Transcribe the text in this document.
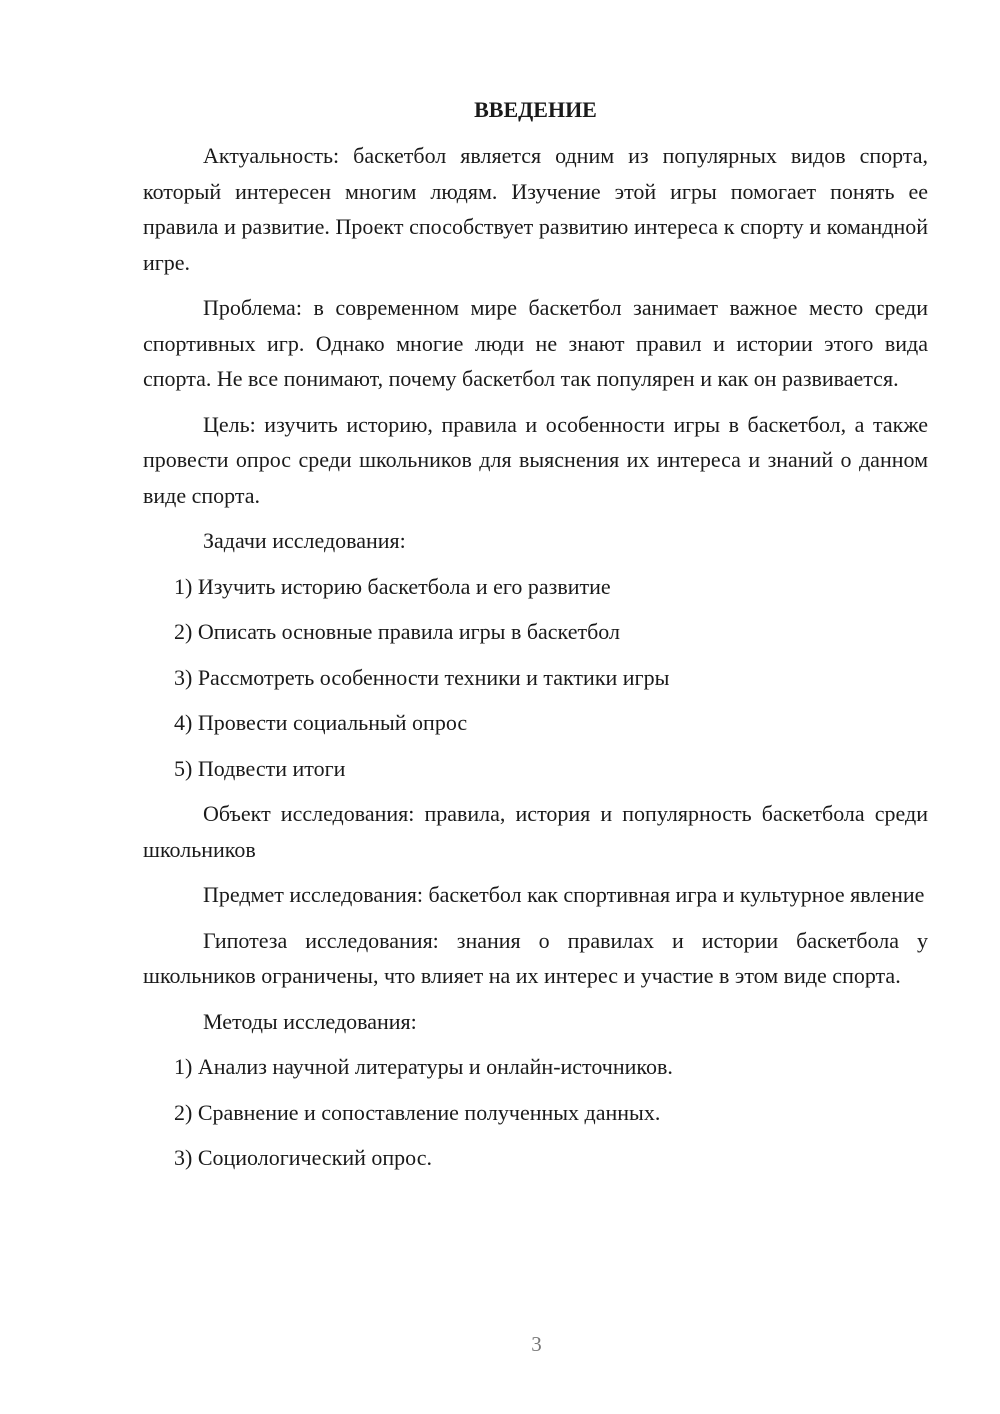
ВВЕДЕНИЕ

Актуальность: баскетбол является одним из популярных видов спорта, который интересен многим людям. Изучение этой игры помогает понять ее правила и развитие. Проект способствует развитию интереса к спорту и командной игре.

Проблема: в современном мире баскетбол занимает важное место среди спортивных игр. Однако многие люди не знают правил и истории этого вида спорта. Не все понимают, почему баскетбол так популярен и как он развивается.

Цель: изучить историю, правила и особенности игры в баскетбол, а также провести опрос среди школьников для выяснения их интереса и знаний о данном виде спорта.

Задачи исследования:

1) Изучить историю баскетбола и его развитие
2) Описать основные правила игры в баскетбол
3) Рассмотреть особенности техники и тактики игры
4) Провести социальный опрос
5) Подвести итоги

Объект исследования: правила, история и популярность баскетбола среди школьников

Предмет исследования: баскетбол как спортивная игра и культурное явление

Гипотеза исследования: знания о правилах и истории баскетбола у школьников ограничены, что влияет на их интерес и участие в этом виде спорта.

Методы исследования:

1) Анализ научной литературы и онлайн-источников.
2) Сравнение и сопоставление полученных данных.
3) Социологический опрос.
3
